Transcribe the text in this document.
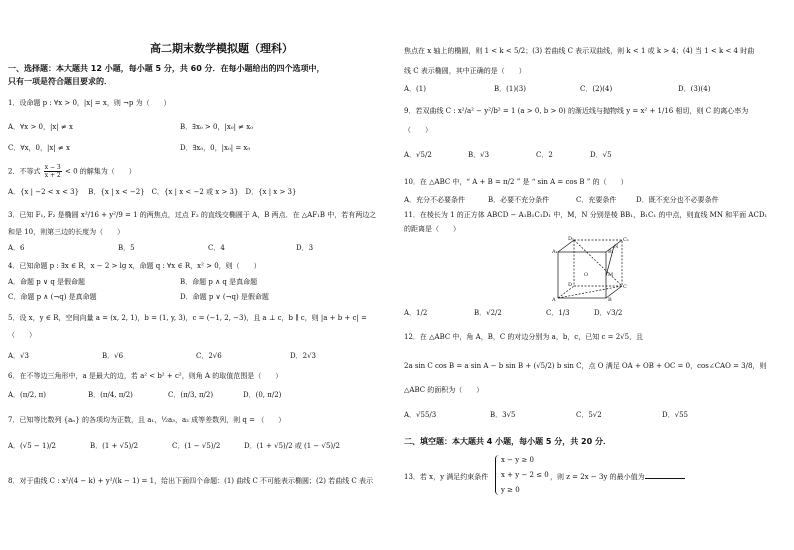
高二期末数学模拟题（理科）
一、选择题：本大题共 12 小题，每小题 5 分，共 60 分．在每小题给出的四个选项中，
只有一项是符合题目要求的．
1．设命题 p : ∀x > 0，|x| = x，则 ¬p 为（　　）
A．∀x > 0，|x| ≠ x	B．∃x₀ > 0，|x₀| ≠ x₀
C．∀x，0，|x| ≠ x	D．∃x₀，0，|x₀| = x₀
2．不等式 $\frac{x - 3}{x + 2} < 0$ 的解集为（　　）
A．{x | −2 < x < 3}　 B．{x | x < −2}　C．{x | x < −2 或 x > 3}　D．{x | x > 3}
3．已知 F₁, F₂ 是椭圆 x²/16 + y²/9 = 1 的两焦点，过点 F₂ 的直线交椭圆于 A，B 两点．在 △AF₁B 中，若有两边之
和是 10，则第三边的长度为（　　）
A．6	B．5	C．4	D．3
4．已知命题 p : ∃x ∈ R，x − 2 > lg x，命题 q : ∀x ∈ R，x² > 0，则（　　）
A．命题 p ∨ q 是假命题	B．命题 p ∧ q 是真命题
C．命题 p ∧ (¬q) 是真命题	D．命题 p ∨ (¬q) 是假命题
5．设 x，y ∈ R，空间向量 a = (x, 2, 1)，b = (1, y, 3)，c = (−1, 2, −3)，且 a ⊥ c，b ∥ c，则 |a + b + c| =
（　　）
A．√3	B．√6	C．2√6	D．2√3
6．在不等边三角形中，a 是最大的边，若 a² < b² + c²，则角 A 的取值范围是（　　）
A．(π/2, π)	B．(π/4, π/2)	C．(π/3, π/2)	D．(0, π/2)
7．已知等比数列 {aₙ} 的各项均为正数，且 a₁，½a₃，a₂ 成等差数列，则 q = （　　）
A．(√5 − 1)/2	B．(1 + √5)/2	C．(1 − √5)/2	D．(1 + √5)/2 或 (1 − √5)/2
8．对于曲线 C : x²/(4 − k) + y²/(k − 1) = 1，给出下面四个命题：(1) 曲线 C 不可能表示椭圆；(2) 若曲线 C 表示
焦点在 x 轴上的椭圆，则 1 < k < 5/2；(3) 若曲线 C 表示双曲线，则 k < 1 或 k > 4；(4) 当 1 < k < 4 时曲
线 C 表示椭圆，其中正确的是（　　）
A．(1)	B．(1)(3)	C．(2)(4)	D．(3)(4)
9．若双曲线 C : x²/a² − y²/b² = 1 (a > 0, b > 0) 的渐近线与抛物线 y = x² + 1/16 相切，则 C 的离心率为
（　　）
A．√5/2	B．√3	C．2	D．√5
10．在 △ABC 中，“ A + B = π/2 ” 是 “ sin A = cos B ” 的（　　）
A．充分不必要条件	B．必要不充分条件	C．充要条件	D．既不充分也不必要条件
11．在棱长为 1 的正方体 ABCD − A₁B₁C₁D₁ 中，M，N 分别是棱 BB₁，B₁C₁ 的中点，则直线 MN 和平面 ACD₁
的距离是（　　）
D₁	C₁
A₁	B₁
N
M
D	C
A	B
O
A．1/2	B．√2/2	C．1/3	D．√3/2
12．在 △ABC 中，角 A，B，C 的对边分别为 a，b，c，已知 c = 2√5，且
2a sin C cos B = a sin A − b sin B + (√5/2) b sin C，点 O 满足 OA + OB + OC = 0，cos∠CAO = 3/8，则
△ABC 的面积为（　　）
A．√55/3	B．3√5	C．5√2	D．√55
二、填空题：本大题共 4 小题，每小题 5 分，共 20 分．
13．若 x，y 满足约束条件
x − y ≥ 0
x + y − 2 ≤ 0
y ≥ 0
，则 z = 2x − 3y 的最小值为
